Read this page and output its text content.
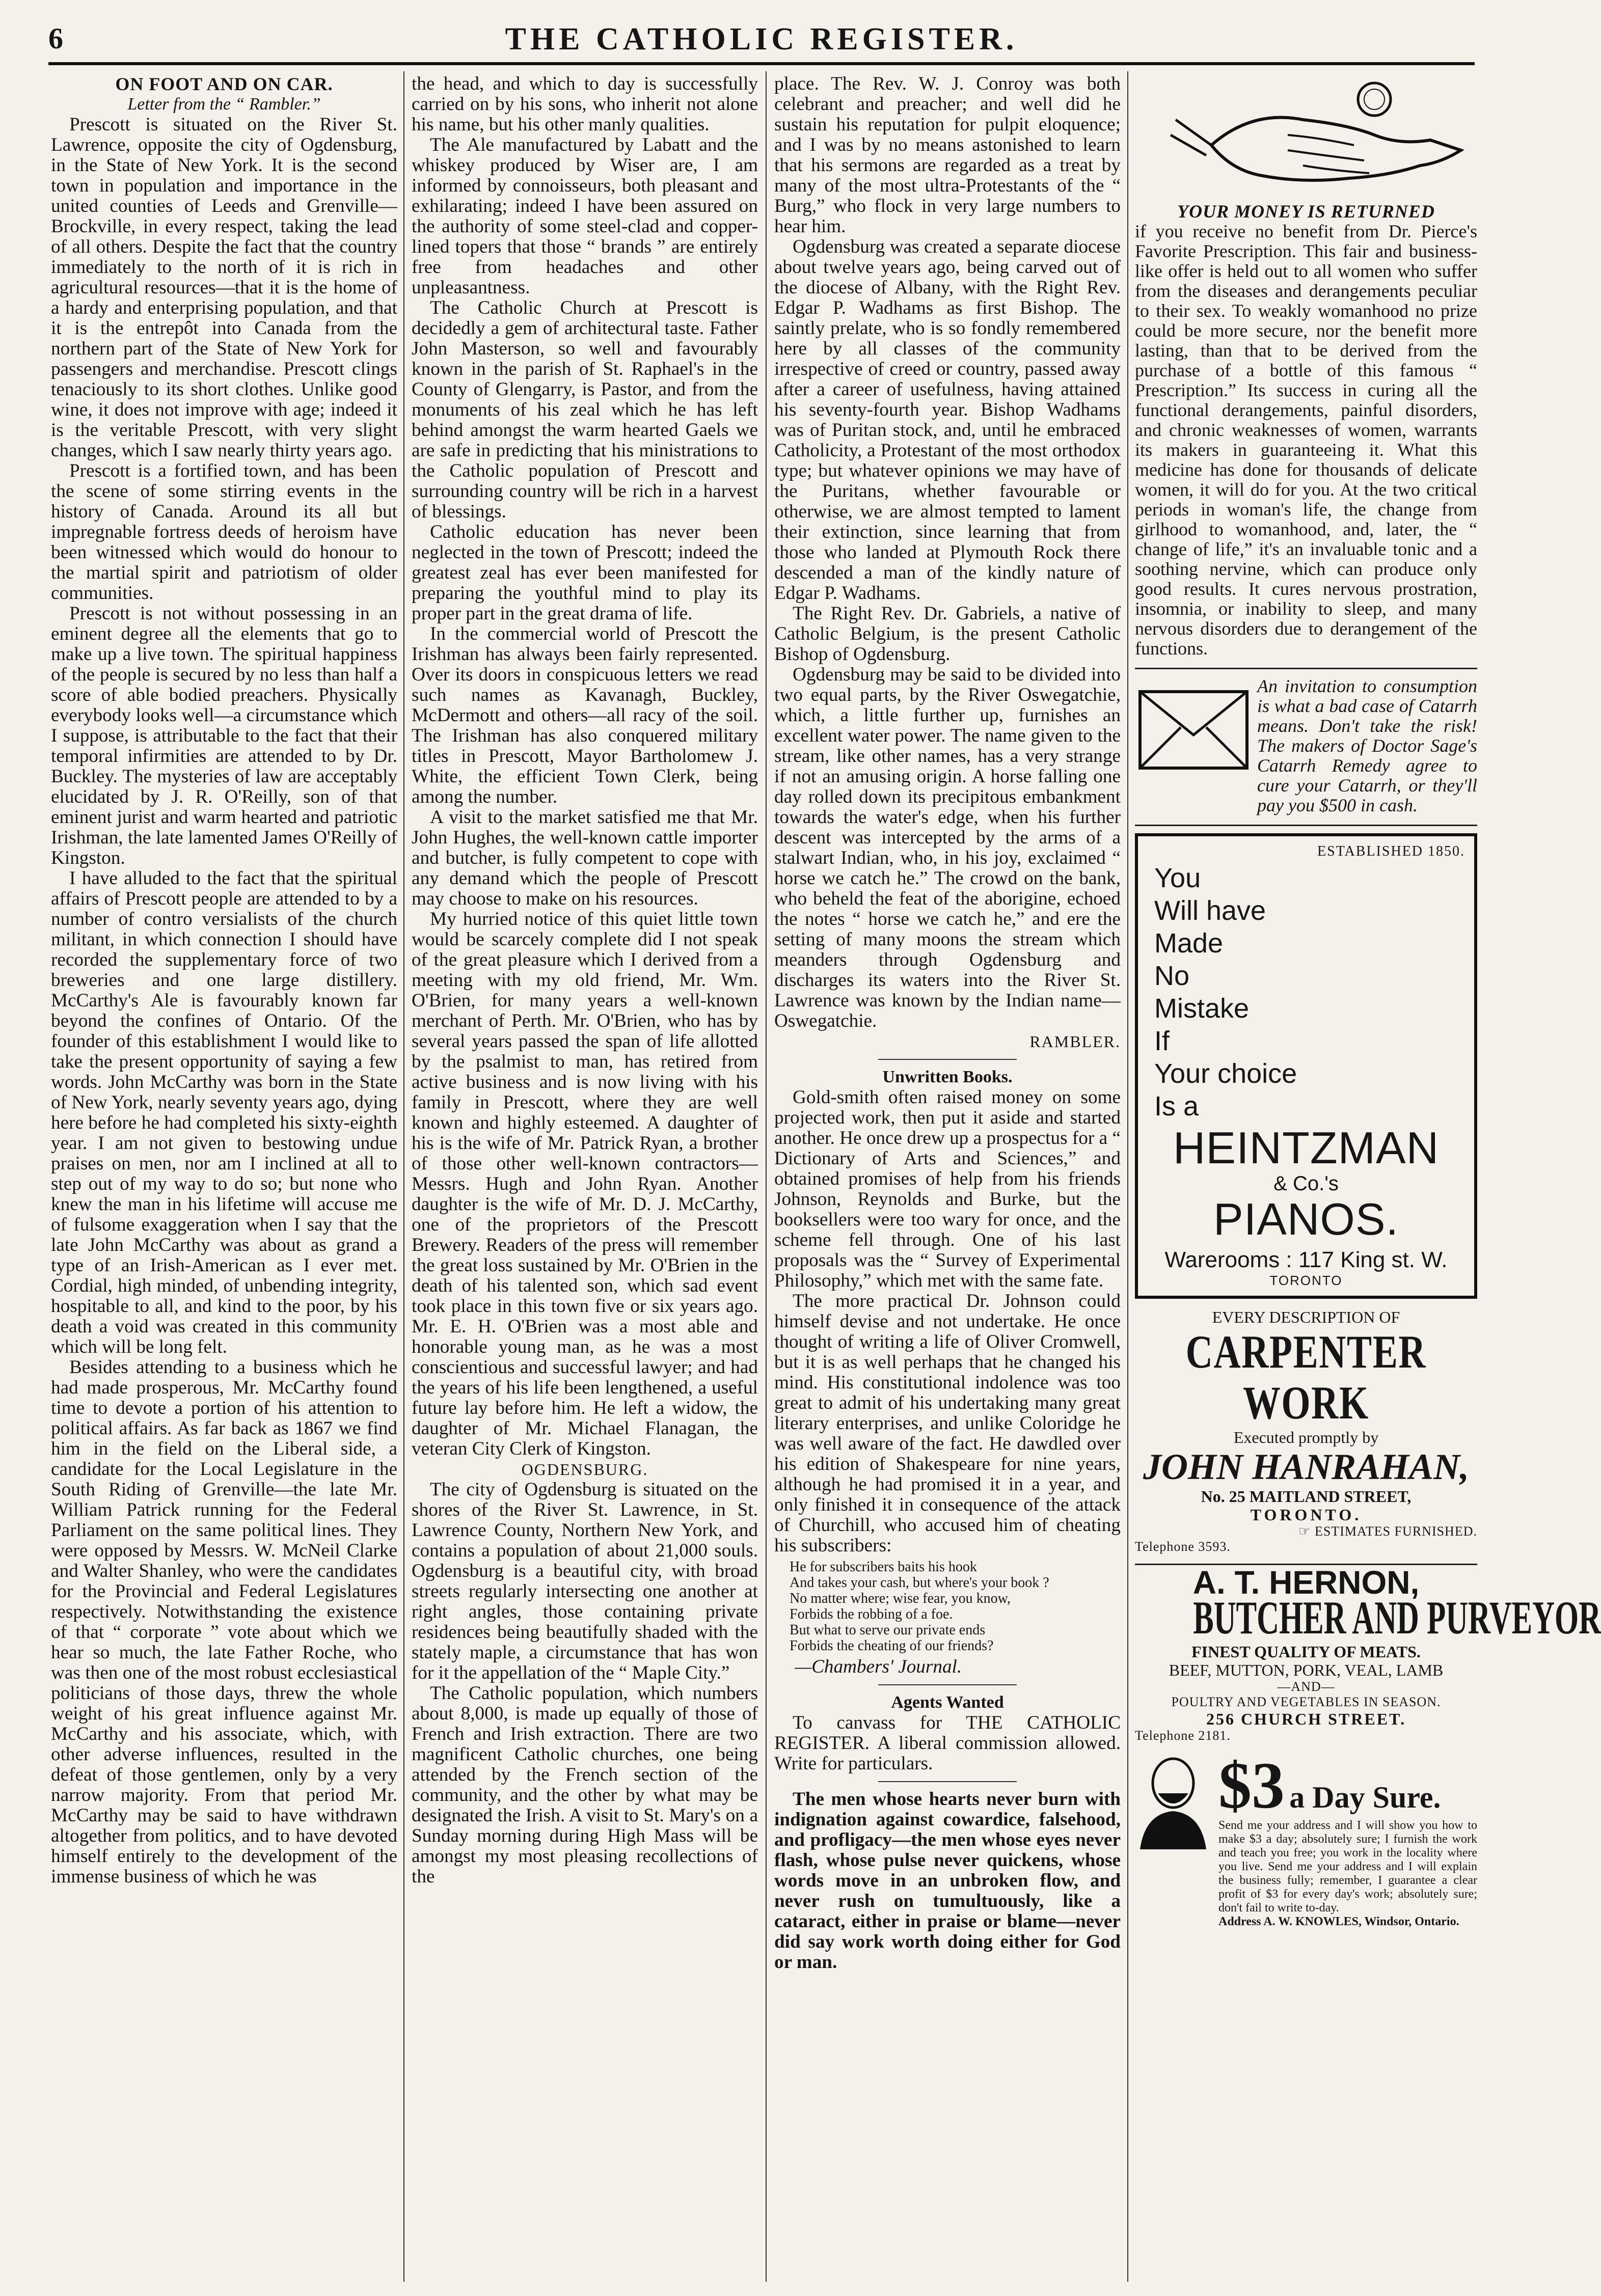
6	THE CATHOLIC REGISTER.

ON FOOT AND ON CAR.

Letter from the “ Rambler.”

Prescott is situated on the River St. Lawrence, opposite the city of Ogdensburg, in the State of New York. It is the second town in population and importance in the united counties of Leeds and Grenville—Brockville, in every respect, taking the lead of all others. Despite the fact that the country immediately to the north of it is rich in agricultural resources—that it is the home of a hardy and enterprising population, and that it is the entrepôt into Canada from the northern part of the State of New York for passengers and merchandise. Prescott clings tenaciously to its short clothes. Unlike good wine, it does not improve with age; indeed it is the veritable Prescott, with very slight changes, which I saw nearly thirty years ago.

Prescott is a fortified town, and has been the scene of some stirring events in the history of Canada. Around its all but impregnable fortress deeds of heroism have been witnessed which would do honour to the martial spirit and patriotism of older communities.

Prescott is not without possessing in an eminent degree all the elements that go to make up a live town. The spiritual happiness of the people is secured by no less than half a score of able bodied preachers. Physically everybody looks well—a circumstance which I suppose, is attributable to the fact that their temporal infirmities are attended to by Dr. Buckley. The mysteries of law are acceptably elucidated by J. R. O'Reilly, son of that eminent jurist and warm hearted and patriotic Irishman, the late lamented James O'Reilly of Kingston.

I have alluded to the fact that the spiritual affairs of Prescott people are attended to by a number of contro versialists of the church militant, in which connection I should have recorded the supplementary force of two breweries and one large distillery. McCarthy's Ale is favourably known far beyond the confines of Ontario. Of the founder of this establishment I would like to take the present opportunity of saying a few words. John McCarthy was born in the State of New York, nearly seventy years ago, dying here before he had completed his sixty-eighth year. I am not given to bestowing undue praises on men, nor am I inclined at all to step out of my way to do so; but none who knew the man in his lifetime will accuse me of fulsome exaggeration when I say that the late John McCarthy was about as grand a type of an Irish-American as I ever met. Cordial, high minded, of unbending integrity, hospitable to all, and kind to the poor, by his death a void was created in this community which will be long felt.

Besides attending to a business which he had made prosperous, Mr. McCarthy found time to devote a portion of his attention to political affairs. As far back as 1867 we find him in the field on the Liberal side, a candidate for the Local Legislature in the South Riding of Grenville—the late Mr. William Patrick running for the Federal Parliament on the same political lines. They were opposed by Messrs. W. McNeil Clarke and Walter Shanley, who were the candidates for the Provincial and Federal Legislatures respectively. Notwithstanding the existence of that “ corporate ” vote about which we hear so much, the late Father Roche, who was then one of the most robust ecclesiastical politicians of those days, threw the whole weight of his great influence against Mr. McCarthy and his associate, which, with other adverse influences, resulted in the defeat of those gentlemen, only by a very narrow majority. From that period Mr. McCarthy may be said to have withdrawn altogether from politics, and to have devoted himself entirely to the development of the immense business of which he was

the head, and which to day is successfully carried on by his sons, who inherit not alone his name, but his other manly qualities.

The Ale manufactured by Labatt and the whiskey produced by Wiser are, I am informed by connoisseurs, both pleasant and exhilarating; indeed I have been assured on the authority of some steel-clad and copper-lined topers that those “ brands ” are entirely free from headaches and other unpleasantness.

The Catholic Church at Prescott is decidedly a gem of architectural taste. Father John Masterson, so well and favourably known in the parish of St. Raphael's in the County of Glengarry, is Pastor, and from the monuments of his zeal which he has left behind amongst the warm hearted Gaels we are safe in predicting that his ministrations to the Catholic population of Prescott and surrounding country will be rich in a harvest of blessings.

Catholic education has never been neglected in the town of Prescott; indeed the greatest zeal has ever been manifested for preparing the youthful mind to play its proper part in the great drama of life.

In the commercial world of Prescott the Irishman has always been fairly represented. Over its doors in conspicuous letters we read such names as Kavanagh, Buckley, McDermott and others—all racy of the soil. The Irishman has also conquered military titles in Prescott, Mayor Bartholomew J. White, the efficient Town Clerk, being among the number.

A visit to the market satisfied me that Mr. John Hughes, the well-known cattle importer and butcher, is fully competent to cope with any demand which the people of Prescott may choose to make on his resources.

My hurried notice of this quiet little town would be scarcely complete did I not speak of the great pleasure which I derived from a meeting with my old friend, Mr. Wm. O'Brien, for many years a well-known merchant of Perth. Mr. O'Brien, who has by several years passed the span of life allotted by the psalmist to man, has retired from active business and is now living with his family in Prescott, where they are well known and highly esteemed. A daughter of his is the wife of Mr. Patrick Ryan, a brother of those other well-known contractors—Messrs. Hugh and John Ryan. Another daughter is the wife of Mr. D. J. McCarthy, one of the proprietors of the Prescott Brewery. Readers of the press will remember the great loss sustained by Mr. O'Brien in the death of his talented son, which sad event took place in this town five or six years ago. Mr. E. H. O'Brien was a most able and honorable young man, as he was a most conscientious and successful lawyer; and had the years of his life been lengthened, a useful future lay before him. He left a widow, the daughter of Mr. Michael Flanagan, the veteran City Clerk of Kingston.

OGDENSBURG.

The city of Ogdensburg is situated on the shores of the River St. Lawrence, in St. Lawrence County, Northern New York, and contains a population of about 21,000 souls. Ogdensburg is a beautiful city, with broad streets regularly intersecting one another at right angles, those containing private residences being beautifully shaded with the stately maple, a circumstance that has won for it the appellation of the “ Maple City.”

The Catholic population, which numbers about 8,000, is made up equally of those of French and Irish extraction. There are two magnificent Catholic churches, one being attended by the French section of the community, and the other by what may be designated the Irish. A visit to St. Mary's on a Sunday morning during High Mass will be amongst my most pleasing recollections of the

place. The Rev. W. J. Conroy was both celebrant and preacher; and well did he sustain his reputation for pulpit eloquence; and I was by no means astonished to learn that his sermons are regarded as a treat by many of the most ultra-Protestants of the “ Burg,” who flock in very large numbers to hear him.

Ogdensburg was created a separate diocese about twelve years ago, being carved out of the diocese of Albany, with the Right Rev. Edgar P. Wadhams as first Bishop. The saintly prelate, who is so fondly remembered here by all classes of the community irrespective of creed or country, passed away after a career of usefulness, having attained his seventy-fourth year. Bishop Wadhams was of Puritan stock, and, until he embraced Catholicity, a Protestant of the most orthodox type; but whatever opinions we may have of the Puritans, whether favourable or otherwise, we are almost tempted to lament their extinction, since learning that from those who landed at Plymouth Rock there descended a man of the kindly nature of Edgar P. Wadhams.

The Right Rev. Dr. Gabriels, a native of Catholic Belgium, is the present Catholic Bishop of Ogdensburg.

Ogdensburg may be said to be divided into two equal parts, by the River Oswegatchie, which, a little further up, furnishes an excellent water power. The name given to the stream, like other names, has a very strange if not an amusing origin. A horse falling one day rolled down its precipitous embankment towards the water's edge, when his further descent was intercepted by the arms of a stalwart Indian, who, in his joy, exclaimed “ horse we catch he.” The crowd on the bank, who beheld the feat of the aborigine, echoed the notes “ horse we catch he,” and ere the setting of many moons the stream which meanders through Ogdensburg and discharges its waters into the River St. Lawrence was known by the Indian name—Oswegatchie.

RAMBLER.

Unwritten Books.

Gold-smith often raised money on some projected work, then put it aside and started another. He once drew up a prospectus for a “ Dictionary of Arts and Sciences,” and obtained promises of help from his friends Johnson, Reynolds and Burke, but the booksellers were too wary for once, and the scheme fell through. One of his last proposals was the “ Survey of Experimental Philosophy,” which met with the same fate.

The more practical Dr. Johnson could himself devise and not undertake. He once thought of writing a life of Oliver Cromwell, but it is as well perhaps that he changed his mind. His constitutional indolence was too great to admit of his undertaking many great literary enterprises, and unlike Coloridge he was well aware of the fact. He dawdled over his edition of Shakespeare for nine years, although he had promised it in a year, and only finished it in consequence of the attack of Churchill, who accused him of cheating his subscribers:

He for subscribers baits his hook
And takes your cash, but where's your book ?
No matter where; wise fear, you know,
Forbids the robbing of a foe.
But what to serve our private ends
Forbids the cheating of our friends?

—Chambers' Journal.

Agents Wanted

To canvass for THE CATHOLIC REGISTER. A liberal commission allowed. Write for particulars.

The men whose hearts never burn with indignation against cowardice, falsehood, and profligacy—the men whose eyes never flash, whose pulse never quickens, whose words move in an unbroken flow, and never rush on tumultuously, like a cataract, either in praise or blame—never did say work worth doing either for God or man.

YOUR MONEY IS RETURNED
if you receive no benefit from Dr. Pierce's Favorite Prescription. This fair and business-like offer is held out to all women who suffer from the diseases and derangements peculiar to their sex. To weakly womanhood no prize could be more secure, nor the benefit more lasting, than that to be derived from the purchase of a bottle of this famous “ Prescription.” Its success in curing all the functional derangements, painful disorders, and chronic weaknesses of women, warrants its makers in guaranteeing it. What this medicine has done for thousands of delicate women, it will do for you. At the two critical periods in woman's life, the change from girlhood to womanhood, and, later, the “ change of life,” it's an invaluable tonic and a soothing nervine, which can produce only good results. It cures nervous prostration, insomnia, or inability to sleep, and many nervous disorders due to derangement of the functions.
An invitation to consumption is what a bad case of Catarrh means. Don't take the risk! The makers of Doctor Sage's Catarrh Remedy agree to cure your Catarrh, or they'll pay you $500 in cash.
ESTABLISHED 1850.
You
Will have
Made
No
Mistake
If
Your choice
Is a
HEINTZMAN
& Co.'s
PIANOS.
Warerooms : 117 King st. W.
TORONTO
EVERY DESCRIPTION OF
CARPENTER WORK
Executed promptly by
JOHN HANRAHAN,
No. 25 MAITLAND STREET,
TORONTO.
☞ ESTIMATES FURNISHED.
Telephone 3593.
A. T. HERNON,
BUTCHER AND PURVEYOR
FINEST QUALITY OF MEATS.
BEEF, MUTTON, PORK, VEAL, LAMB
—AND—
POULTRY AND VEGETABLES IN SEASON.
256 CHURCH STREET.
Telephone 2181.
$3 a Day Sure.
Send me your address and I will show you how to make $3 a day; absolutely sure; I furnish the work and teach you free; you work in the locality where you live. Send me your address and I will explain the business fully; remember, I guarantee a clear profit of $3 for every day's work; absolutely sure; don't fail to write to-day.
Address A. W. KNOWLES, Windsor, Ontario.
